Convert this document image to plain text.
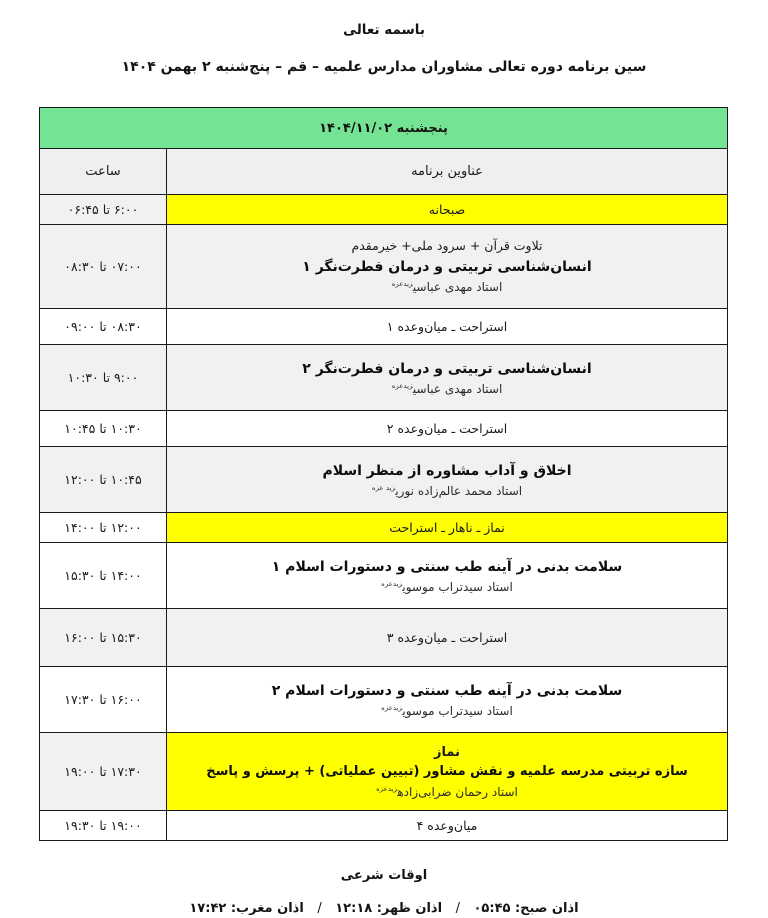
باسمه تعالی
سین برنامه دوره تعالی مشاوران مدارس علمیه – قم – پنج‌شنبه ۲ بهمن ۱۴۰۴
پنجشنبه ۱۴۰۴/۱۱/۰۲	
عناوین برنامه	ساعت

صبحانه	۶:۰۰ تا ۰۶:۴۵

تلاوت قرآن + سرود ملی+ خیرمقدم
انسان‌شناسی تربیتی و درمان فطرت‌نگر ۱
استاد مهدی عباسی$^{زیدعزه}$	۰۷:۰۰ تا ۰۸:۳۰

استراحت ـ میان‌وعده ۱	۰۸:۳۰ تا ۰۹:۰۰

انسان‌شناسی تربیتی و درمان فطرت‌نگر ۲
استاد مهدی عباسی$^{زیدعزه}$	۹:۰۰ تا ۱۰:۳۰

استراحت ـ میان‌وعده ۲	۱۰:۳۰ تا ۱۰:۴۵

اخلاق و آداب مشاوره از منظر اسلام
استاد محمد عالم‌زاده نوری$^{زید عزه}$	۱۰:۴۵ تا ۱۲:۰۰

نماز ـ ناهار ـ استراحت	۱۲:۰۰ تا ۱۴:۰۰

سلامت بدنی در آینه طب سنتی و دستورات اسلام ۱
استاد سیدتراب موسوی$^{زیدعزه}$	۱۴:۰۰ تا ۱۵:۳۰

استراحت ـ میان‌وعده ۳	۱۵:۳۰ تا ۱۶:۰۰

سلامت بدنی در آینه طب سنتی و دستورات اسلام ۲
استاد سیدتراب موسوی$^{زیدعزه}$	۱۶:۰۰ تا ۱۷:۳۰

نماز
سازه تربیتی مدرسه علمیه و نقش مشاور (تبیین عملیاتی) + پرسش و پاسخ
استاد رحمان ضرابی‌زاده$^{زیدعزه}$	۱۷:۳۰ تا ۱۹:۰۰

میان‌وعده ۴	۱۹:۰۰ تا ۱۹:۳۰
اوقات شرعی
اذان صبح: ۰۵:۴۵ / اذان ظهر: ۱۲:۱۸ / اذان مغرب: ۱۷:۴۲
